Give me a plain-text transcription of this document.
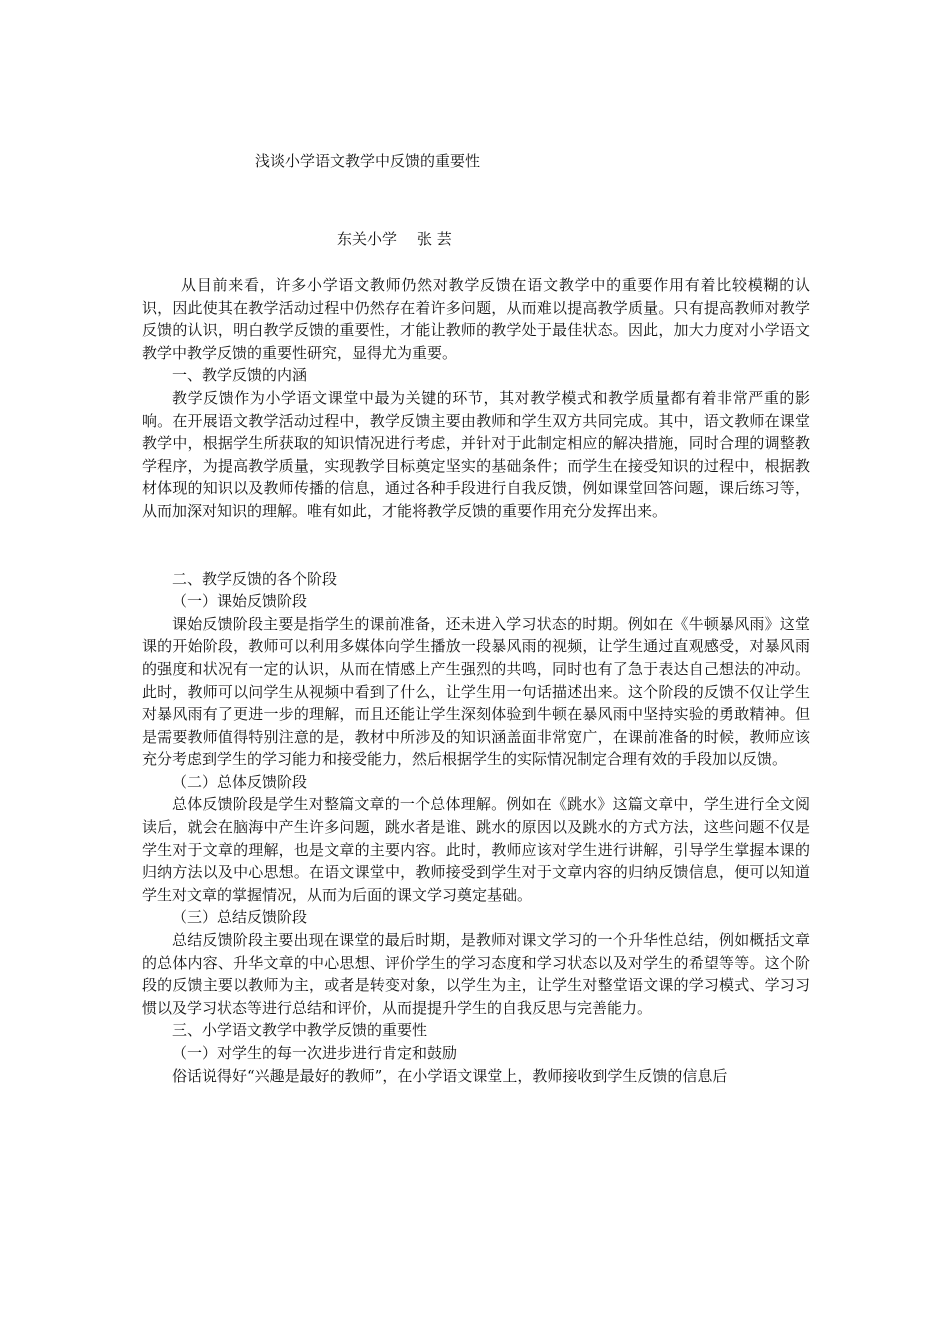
浅谈小学语文教学中反馈的重要性
东关小学 张 芸

从目前来看，许多小学语文教师仍然对教学反馈在语文教学中的重要作用有着比较模糊的认识，因此使其在教学活动过程中仍然存在着许多问题，从而难以提高教学质量。只有提高教师对教学反馈的认识，明白教学反馈的重要性，才能让教师的教学处于最佳状态。因此，加大力度对小学语文教学中教学反馈的重要性研究，显得尤为重要。

一、教学反馈的内涵

教学反馈作为小学语文课堂中最为关键的环节，其对教学模式和教学质量都有着非常严重的影响。在开展语文教学活动过程中，教学反馈主要由教师和学生双方共同完成。其中，语文教师在课堂教学中，根据学生所获取的知识情况进行考虑，并针对于此制定相应的解决措施，同时合理的调整教学程序，为提高教学质量，实现教学目标奠定坚实的基础条件；而学生在接受知识的过程中，根据教材体现的知识以及教师传播的信息，通过各种手段进行自我反馈，例如课堂回答问题，课后练习等，从而加深对知识的理解。唯有如此，才能将教学反馈的重要作用充分发挥出来。

二、教学反馈的各个阶段

（一）课始反馈阶段

课始反馈阶段主要是指学生的课前准备，还未进入学习状态的时期。例如在《牛顿暴风雨》这堂课的开始阶段，教师可以利用多媒体向学生播放一段暴风雨的视频，让学生通过直观感受，对暴风雨的强度和状况有一定的认识，从而在情感上产生强烈的共鸣，同时也有了急于表达自己想法的冲动。此时，教师可以问学生从视频中看到了什么，让学生用一句话描述出来。这个阶段的反馈不仅让学生对暴风雨有了更进一步的理解，而且还能让学生深刻体验到牛顿在暴风雨中坚持实验的勇敢精神。但是需要教师值得特别注意的是，教材中所涉及的知识涵盖面非常宽广，在课前准备的时候，教师应该充分考虑到学生的学习能力和接受能力，然后根据学生的实际情况制定合理有效的手段加以反馈。

（二）总体反馈阶段

总体反馈阶段是学生对整篇文章的一个总体理解。例如在《跳水》这篇文章中，学生进行全文阅读后，就会在脑海中产生许多问题，跳水者是谁、跳水的原因以及跳水的方式方法，这些问题不仅是学生对于文章的理解，也是文章的主要内容。此时，教师应该对学生进行讲解，引导学生掌握本课的归纳方法以及中心思想。在语文课堂中，教师接受到学生对于文章内容的归纳反馈信息，便可以知道学生对文章的掌握情况，从而为后面的课文学习奠定基础。

（三）总结反馈阶段

总结反馈阶段主要出现在课堂的最后时期，是教师对课文学习的一个升华性总结，例如概括文章的总体内容、升华文章的中心思想、评价学生的学习态度和学习状态以及对学生的希望等等。这个阶段的反馈主要以教师为主，或者是转变对象，以学生为主，让学生对整堂语文课的学习模式、学习习惯以及学习状态等进行总结和评价，从而提提升学生的自我反思与完善能力。

三、小学语文教学中教学反馈的重要性

（一）对学生的每一次进步进行肯定和鼓励

俗话说得好“兴趣是最好的教师”，在小学语文课堂上，教师接收到学生反馈的信息后
